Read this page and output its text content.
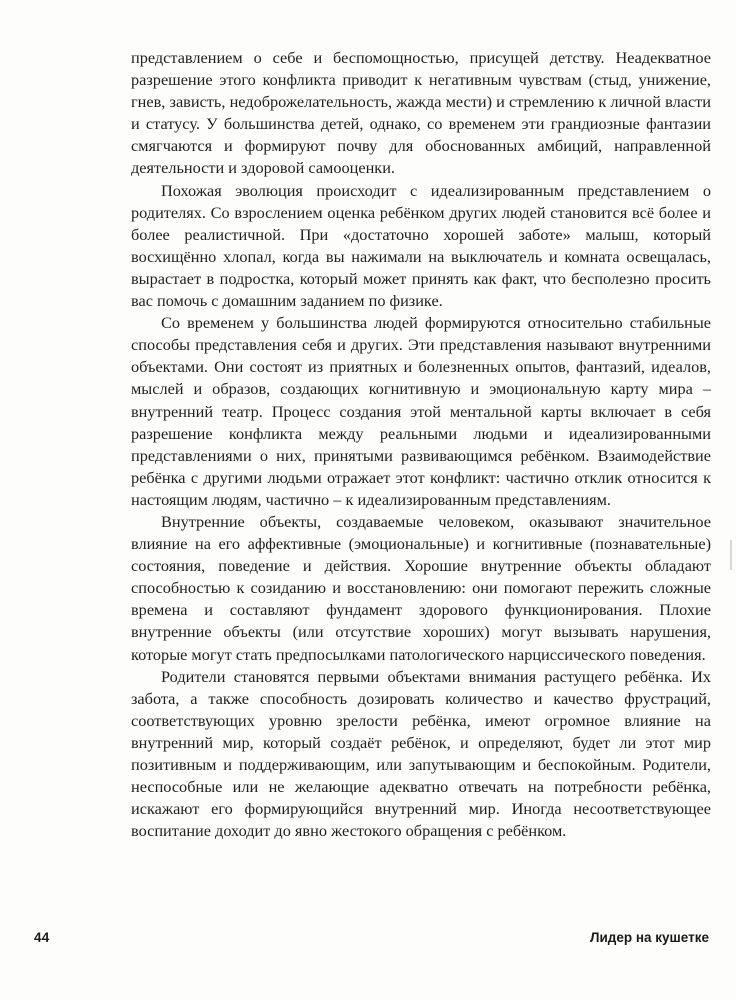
представлением о себе и беспомощностью, присущей детству. Неадекватное разрешение этого конфликта приводит к негативным чувствам (стыд, унижение, гнев, зависть, недоброжелательность, жажда мести) и стремлению к личной власти и статусу. У большинства детей, однако, со временем эти грандиозные фантазии смягчаются и формируют почву для обоснованных амбиций, направленной деятельности и здоровой самооценки.

Похожая эволюция происходит с идеализированным представлением о родителях. Со взрослением оценка ребёнком других людей становится всё более и более реалистичной. При «достаточно хорошей заботе» малыш, который восхищённо хлопал, когда вы нажимали на выключатель и комната освещалась, вырастает в подростка, который может принять как факт, что бесполезно просить вас помочь с домашним заданием по физике.

Со временем у большинства людей формируются относительно стабильные способы представления себя и других. Эти представления называют внутренними объектами. Они состоят из приятных и болезненных опытов, фантазий, идеалов, мыслей и образов, создающих когнитивную и эмоциональную карту мира – внутренний театр. Процесс создания этой ментальной карты включает в себя разрешение конфликта между реальными людьми и идеализированными представлениями о них, принятыми развивающимся ребёнком. Взаимодействие ребёнка с другими людьми отражает этот конфликт: частично отклик относится к настоящим людям, частично – к идеализированным представлениям.

Внутренние объекты, создаваемые человеком, оказывают значительное влияние на его аффективные (эмоциональные) и когнитивные (познавательные) состояния, поведение и действия. Хорошие внутренние объекты обладают способностью к созиданию и восстановлению: они помогают пережить сложные времена и составляют фундамент здорового функционирования. Плохие внутренние объекты (или отсутствие хороших) могут вызывать нарушения, которые могут стать предпосылками патологического нарциссического поведения.

Родители становятся первыми объектами внимания растущего ребёнка. Их забота, а также способность дозировать количество и качество фрустраций, соответствующих уровню зрелости ребёнка, имеют огромное влияние на внутренний мир, который создаёт ребёнок, и определяют, будет ли этот мир позитивным и поддерживающим, или запутывающим и беспокойным. Родители, неспособные или не желающие адекватно отвечать на потребности ребёнка, искажают его формирующийся внутренний мир. Иногда несоответствующее воспитание доходит до явно жестокого обращения с ребёнком.

44	Лидер на кушетке
